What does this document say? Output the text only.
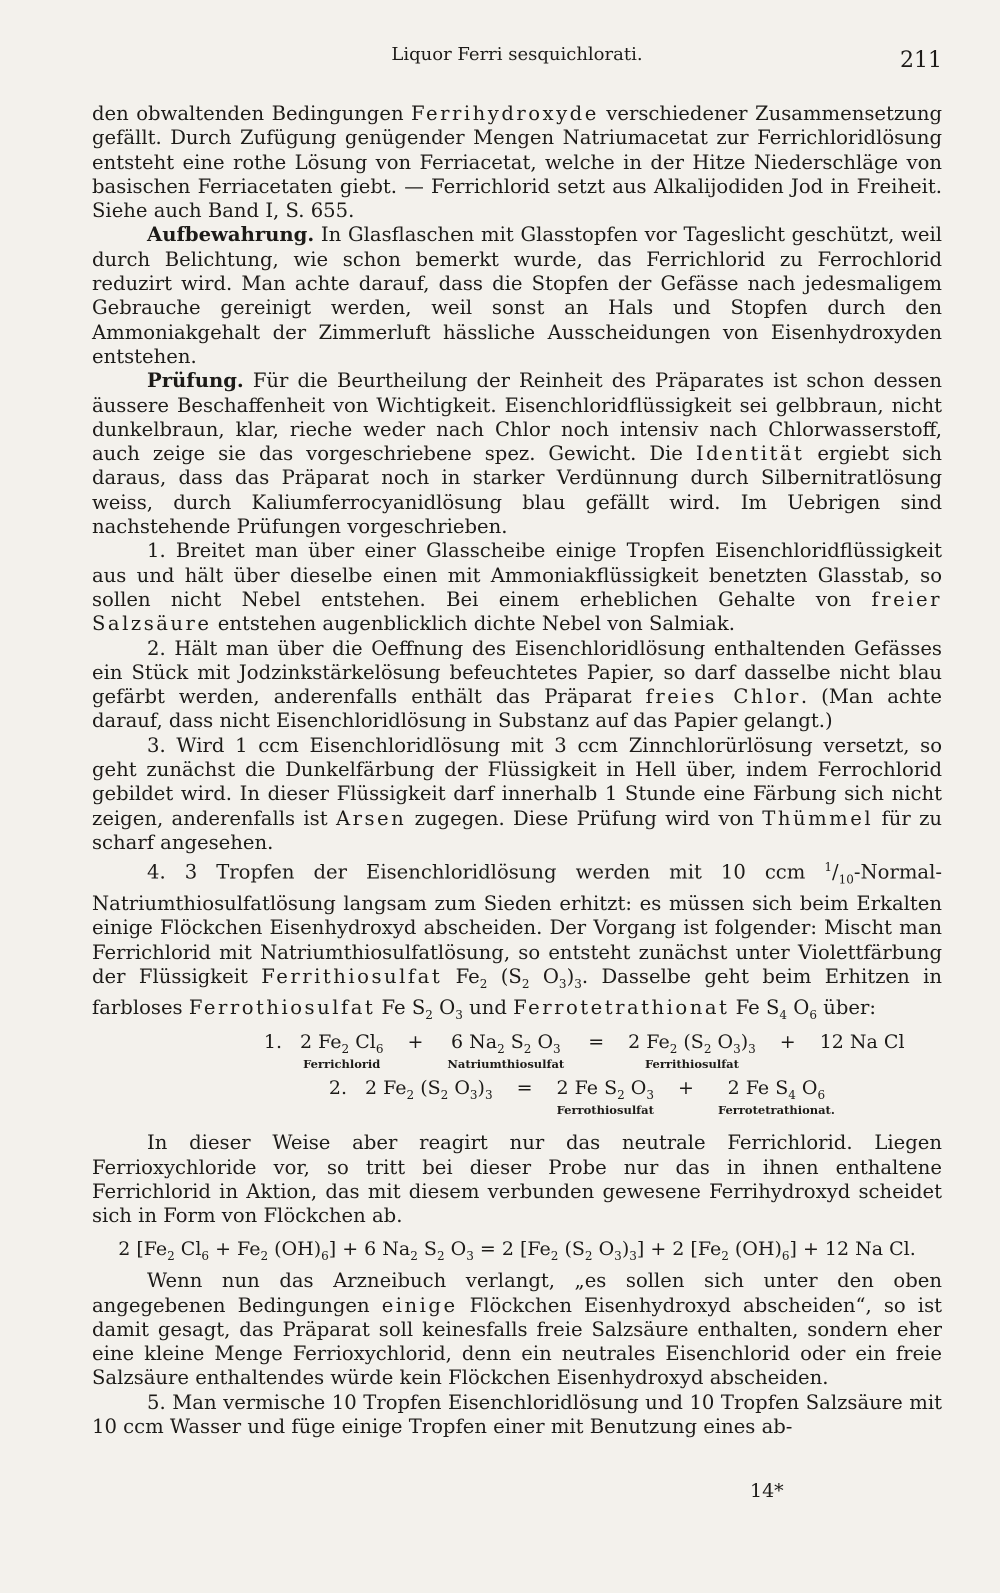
Liquor Ferri sesquichlorati.	211

den obwaltenden Bedingungen Ferrihydroxyde verschiedener Zusammensetzung gefällt. Durch Zufügung genügender Mengen Natriumacetat zur Ferrichloridlösung entsteht eine rothe Lösung von Ferriacetat, welche in der Hitze Niederschläge von basischen Ferriacetaten giebt. — Ferrichlorid setzt aus Alkalijodiden Jod in Freiheit. Siehe auch Band I, S. 655.

Aufbewahrung. In Glasflaschen mit Glasstopfen vor Tageslicht geschützt, weil durch Belichtung, wie schon bemerkt wurde, das Ferrichlorid zu Ferrochlorid reduzirt wird. Man achte darauf, dass die Stopfen der Gefässe nach jedesmaligem Gebrauche gereinigt werden, weil sonst an Hals und Stopfen durch den Ammoniakgehalt der Zimmerluft hässliche Ausscheidungen von Eisenhydroxyden entstehen.

Prüfung. Für die Beurtheilung der Reinheit des Präparates ist schon dessen äussere Beschaffenheit von Wichtigkeit. Eisenchloridflüssigkeit sei gelbbraun, nicht dunkelbraun, klar, rieche weder nach Chlor noch intensiv nach Chlorwasserstoff, auch zeige sie das vorgeschriebene spez. Gewicht. Die Identität ergiebt sich daraus, dass das Präparat noch in starker Verdünnung durch Silbernitratlösung weiss, durch Kaliumferrocyanidlösung blau gefällt wird. Im Uebrigen sind nachstehende Prüfungen vorgeschrieben.

1. Breitet man über einer Glasscheibe einige Tropfen Eisenchloridflüssigkeit aus und hält über dieselbe einen mit Ammoniakflüssigkeit benetzten Glasstab, so sollen nicht Nebel entstehen. Bei einem erheblichen Gehalte von freier Salzsäure entstehen augenblicklich dichte Nebel von Salmiak.

2. Hält man über die Oeffnung des Eisenchloridlösung enthaltenden Gefässes ein Stück mit Jodzinkstärkelösung befeuchtetes Papier, so darf dasselbe nicht blau gefärbt werden, anderenfalls enthält das Präparat freies Chlor. (Man achte darauf, dass nicht Eisenchloridlösung in Substanz auf das Papier gelangt.)

3. Wird 1 ccm Eisenchloridlösung mit 3 ccm Zinnchlorürlösung versetzt, so geht zunächst die Dunkelfärbung der Flüssigkeit in Hell über, indem Ferrochlorid gebildet wird. In dieser Flüssigkeit darf innerhalb 1 Stunde eine Färbung sich nicht zeigen, anderenfalls ist Arsen zugegen. Diese Prüfung wird von Thümmel für zu scharf angesehen.

4. 3 Tropfen der Eisenchloridlösung werden mit 10 ccm $^1/_{10}-Normal$-Natriumthiosulfatlösung langsam zum Sieden erhitzt: es müssen sich beim Erkalten einige Flöckchen Eisenhydroxyd abscheiden. Der Vorgang ist folgender: Mischt man Ferrichlorid mit Natriumthiosulfatlösung, so entsteht zunächst unter Violettfärbung der Flüssigkeit Ferrithiosulfat $Fe_2$ ($S_2$ $O_3)_3$. Dasselbe geht beim Erhitzen in farbloses Ferrothiosulfat Fe $S_2$ $O_3$ und Ferrotetrathionat Fe $S_4$ $O_6$ über:

1. 2 $Fe_2$ $Cl_6$
Ferrichlorid
+	6 $Na_2$ $S_2$ $O_3$
Natriumthiosulfat
=	2 $Fe_2$ ($S_2$ $O_3)_3$
Ferrithiosulfat
+	12 Na Cl
2. 2 $Fe_2$ ($S_2$ $O_3)_3$	=	2 Fe $S_2$ $O_3$
Ferrothiosulfat
+	2 Fe $S_4$ $O_6$
Ferrotetrathionat.

In dieser Weise aber reagirt nur das neutrale Ferrichlorid. Liegen Ferrioxychloride vor, so tritt bei dieser Probe nur das in ihnen enthaltene Ferrichlorid in Aktion, das mit diesem verbunden gewesene Ferrihydroxyd scheidet sich in Form von Flöckchen ab.

2 [$Fe_2$ $Cl_6 + Fe_2$ $(OH)_6] + 6$ $Na_2$ $S_2$ $O_3 = 2$ [$Fe_2$ ($S_2$ $O_3)_3] + 2$ [$Fe_2$ $(OH)_6] + 12$ Na Cl.

Wenn nun das Arzneibuch verlangt, „es sollen sich unter den oben angegebenen Bedingungen einige Flöckchen Eisenhydroxyd abscheiden“, so ist damit gesagt, das Präparat soll keinesfalls freie Salzsäure enthalten, sondern eher eine kleine Menge Ferrioxychlorid, denn ein neutrales Eisenchlorid oder ein freie Salzsäure enthaltendes würde kein Flöckchen Eisenhydroxyd abscheiden.

5. Man vermische 10 Tropfen Eisenchloridlösung und 10 Tropfen Salzsäure mit 10 ccm Wasser und füge einige Tropfen einer mit Benutzung eines ab-

14*
